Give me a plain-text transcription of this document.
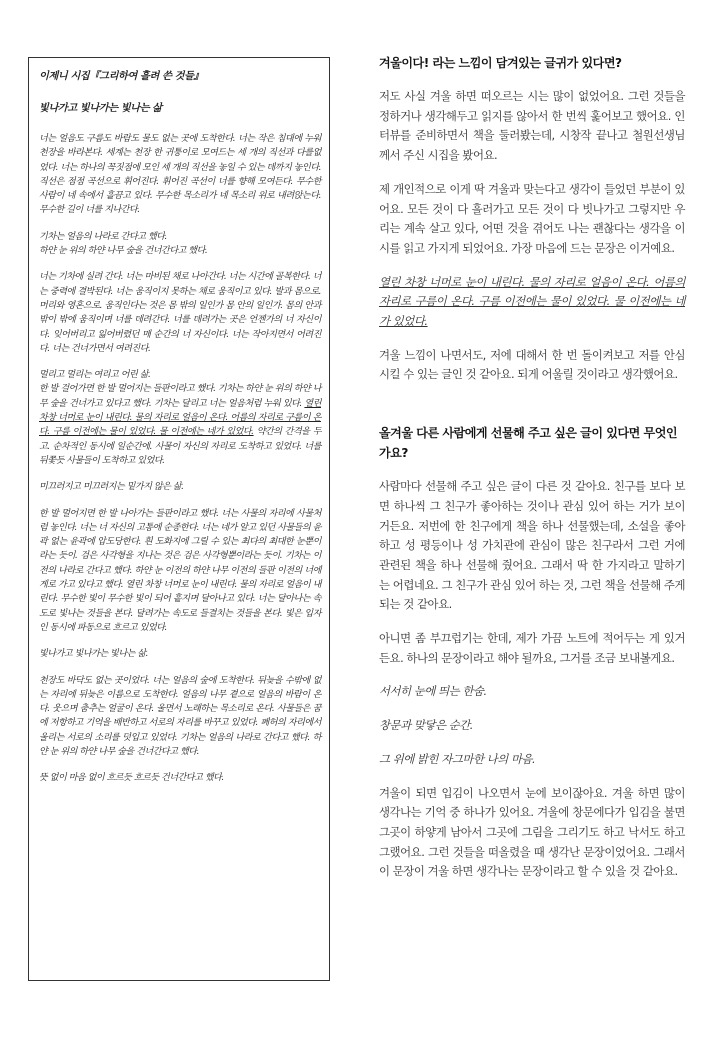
이제니 시집『그리하여 흘려 쓴 것들』

빛나가고 빛나가는 빛나는 삶

너는 얼음도 구름도 바람도 물도 없는 곳에 도착한다. 너는 작은 침대에 누워 천장을 바라본다. 세계는 천장 한 귀퉁이로 모여드는 세 개의 직선과 다를없었다. 너는 하나의 꼭짓점에 모인 세 개의 직선을 놓일 수 있는 데까지 놓인다. 직선은 점점 곡선으로 휘어진다. 휘어진 곡선이 너를 향해 모여든다. 무수한 사람이 네 속에서 흘끔고 있다. 무수한 목소리가 네 목소리 위로 내려앉는다. 무수한 길이 너를 지나간다.

기차는 얼음의 나라로 간다고 했다.
하얀 눈 위의 하얀 나무 숲을 건너간다고 했다.

너는 기차에 실려 간다. 너는 마비된 채로 나아간다. 너는 시간에 골복한다. 너는 중력에 결박된다. 너는 움직이지 못하는 채로 움직이고 있다. 발과 몸으로. 머리와 영혼으로. 움직인다는 것은 몸 밖의 일인가 몸 안의 일인가. 몸의 안과 밖이 밖에 움직이며 너를 데려간다. 너를 데려가는 곳은 언젠가의 너 자신이다. 잊어버리고 잃어버렸던 매 순간의 너 자신이다. 너는 작아지면서 어려진다. 너는 건너가면서 여려진다.

멀리고 멀리는 여리고 어린 삶.
한 발 걸어가면 한 발 멀어지는 들판이라고 했다. 기차는 하얀 눈 위의 하얀 나무 숲을 건너가고 있다고 했다. 기차는 달리고 너는 얼음처럼 누워 있다. 열린 차창 너머로 눈이 내린다. 물의 자리로 얼음이 온다. 어름의 자리로 구름이 온다. 구름 이전에는 물이 있었다. 물 이전에는 네가 있었다. 약간의 간격을 두고. 순차적인 동시에 일순간에. 사물이 자신의 자리로 도착하고 있었다. 너를 뒤쫓듯 사물들이 도착하고 있었다.

미끄러지고 미끄러지는 밑가지 않은 삶.

한 발 멀어지면 한 발 나아가는 들판이라고 했다. 너는 사물의 자리에 사물처럼 놓인다. 너는 너 자신의 고통에 순종한다. 너는 네가 알고 있던 사물들의 윤곽 없는 윤곽에 압도당한다. 흰 도화지에 그릴 수 있는 최다의 최대한 눈뿐이라는 듯이. 검은 사각형을 지나는 것은 검은 사각형뿐이라는 듯이. 기차는 이전의 나라로 간다고 했다. 하얀 눈 이전의 하얀 나무 이전의 들판 이전의 너에게로 가고 있다고 했다. 열린 차창 너머로 눈이 내린다. 물의 자리로 얼음이 내린다. 무수한 빛이 무수한 빛이 되어 흩지며 달아나고 있다. 너는 달아나는 속도로 빛나는 것들을 본다. 달려가는 속도로 들결치는 것들을 본다. 빛은 입자인 동시에 파동으로 흐르고 있었다.

빛나가고 빛나가는 빛나는 삶.

천장도 바닥도 없는 곳이었다. 너는 얼음의 숲에 도착한다. 뒤늦을 수밖에 없는 자리에 뒤늦은 이름으로 도착한다. 얼음의 나무 곁으로 얼음의 바람이 온다. 웃으며 춤추는 얼굴이 온다. 울면서 노래하는 목소리로 온다. 사물들은 꿈에 저항하고 기억을 배반하고 서로의 자리를 바꾸고 있었다. 폐허의 자리에서 울리는 서로의 소리를 덧입고 있었다. 기차는 얼음의 나라로 간다고 했다. 하얀 눈 위의 하얀 나무 숲을 건너간다고 했다.

뜻 없이 마음 없이 흐르듯 흐르듯 건너간다고 했다.

겨울이다! 라는 느낌이 담겨있는 글귀가 있다면?

저도 사실 겨울 하면 떠오르는 시는 많이 없었어요. 그런 것들을 정하거나 생각해두고 읽지를 않아서 한 번씩 훑어보고 했어요. 인터뷰를 준비하면서 책을 둘러봤는데, 시창작 끝나고 철원선생님께서 주신 시집을 봤어요.

제 개인적으로 이게 딱 겨울과 맞는다고 생각이 들었던 부분이 있어요. 모든 것이 다 흘러가고 모든 것이 다 빗나가고 그렇지만 우리는 계속 살고 있다, 어떤 것을 겪어도 나는 괜찮다는 생각을 이 시를 읽고 가지게 되었어요. 가장 마음에 드는 문장은 이거예요.

열린 차창 너머로 눈이 내린다. 물의 자리로 얼음이 온다. 어름의 자리로 구름이 온다. 구름 이전에는 물이 있었다. 물 이전에는 네가 있었다.

겨울 느낌이 나면서도, 저에 대해서 한 번 돌이켜보고 저를 안심시킬 수 있는 글인 것 같아요. 되게 어울릴 것이라고 생각했어요.

올겨울 다른 사람에게 선물해 주고 싶은 글이 있다면 무엇인가요?

사람마다 선물해 주고 싶은 글이 다른 것 같아요. 친구를 보다 보면 하나씩 그 친구가 좋아하는 것이나 관심 있어 하는 거가 보이거든요. 저번에 한 친구에게 책을 하나 선물했는데, 소설을 좋아하고 성 평등이나 성 가치관에 관심이 많은 친구라서 그런 거에 관련된 책을 하나 선물해 줬어요. 그래서 딱 한 가지라고 말하기는 어렵네요. 그 친구가 관심 있어 하는 것, 그런 책을 선물해 주게 되는 것 같아요.

아니면 좀 부끄럽기는 한데, 제가 가끔 노트에 적어두는 게 있거든요. 하나의 문장이라고 해야 될까요, 그거를 조금 보내볼게요.

서서히 눈에 띄는 한숨.

창문과 맞닿은 순간.

그 위에 밝힌 자그마한 나의 마음.

겨울이 되면 입김이 나오면서 눈에 보이잖아요. 겨울 하면 많이 생각나는 기억 중 하나가 있어요. 겨울에 창문에다가 입김을 불면 그곳이 하얗게 남아서 그곳에 그림을 그리기도 하고 낙서도 하고 그랬어요. 그런 것들을 떠올렸을 때 생각난 문장이었어요. 그래서 이 문장이 겨울 하면 생각나는 문장이라고 할 수 있을 것 같아요.
